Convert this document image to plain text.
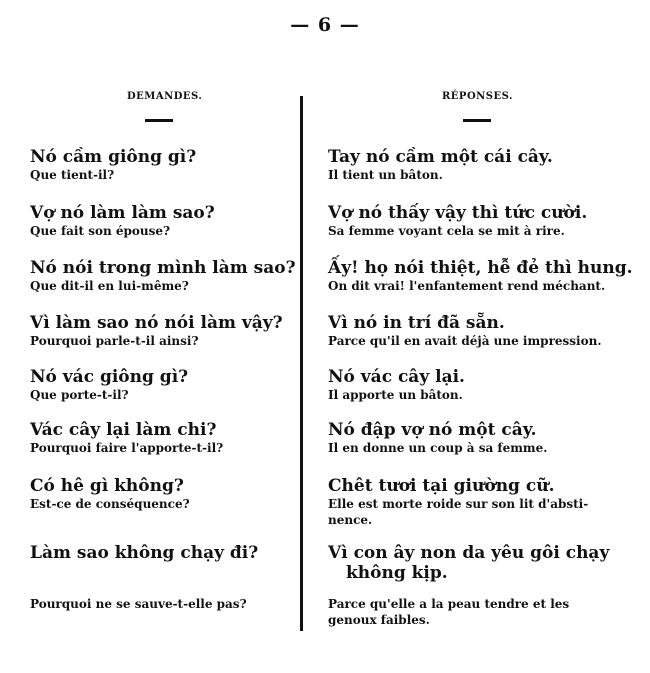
— 6 —
DEMANDES.	RÉPONSES.
Nó cầm giông gì?
Que tient-il?
Vợ nó làm làm sao?
Que fait son épouse?
Nó nói trong mình làm sao?
Que dit-il en lui-même?
Vì làm sao nó nói làm vậy?
Pourquoi parle-t-il ainsi?
Nó vác giông gì?
Que porte-t-il?
Vác cây lại làm chi?
Pourquoi faire l'apporte-t-il?
Có hê gì không?
Est-ce de conséquence?
Làm sao không chạy đi?
Pourquoi ne se sauve-t-elle pas?
Tay nó cầm một cái cây.
Il tient un bâton.
Vợ nó thấy vậy thì tức cười.
Sa femme voyant cela se mit à rire.
Ấy! họ nói thiệt, hễ đẻ thì hung.
On dit vrai! l'enfantement rend méchant.
Vì nó in trí đã sẵn.
Parce qu'il en avait déjà une impression.
Nó vác cây lại.
Il apporte un bâton.
Nó đập vợ nó một cây.
Il en donne un coup à sa femme.
Chêt tươi tại giường cữ.
Elle est morte roide sur son lit d'absti-
nence.
Vì con ây non da yêu gôi chạy
không kịp.
Parce qu'elle a la peau tendre et les
genoux faibles.
